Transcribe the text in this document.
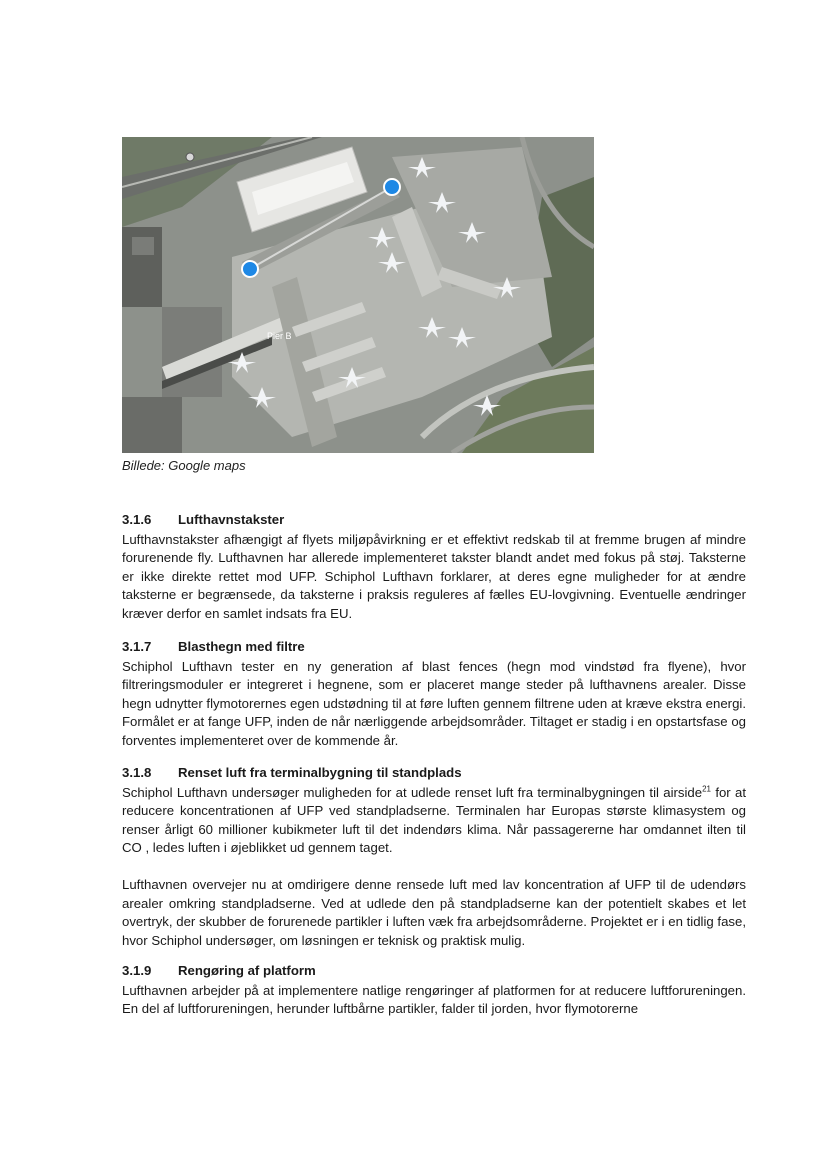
Pier B
Billede: Google maps
3.1.6 Lufthavnstakster

Lufthavnstakster afhængigt af flyets miljøpåvirkning er et effektivt redskab til at fremme brugen af mindre forurenende fly. Lufthavnen har allerede implementeret takster blandt andet med fokus på støj. Taksterne er ikke direkte rettet mod UFP. Schiphol Lufthavn forklarer, at deres egne muligheder for at ændre taksterne er begrænsede, da taksterne i praksis reguleres af fælles EU-lovgivning. Eventuelle ændringer kræver derfor en samlet indsats fra EU.

3.1.7 Blasthegn med filtre

Schiphol Lufthavn tester en ny generation af blast fences (hegn mod vindstød fra flyene), hvor filtreringsmoduler er integreret i hegnene, som er placeret mange steder på lufthavnens arealer. Disse hegn udnytter flymotorernes egen udstødning til at føre luften gennem filtrene uden at kræve ekstra energi. Formålet er at fange UFP, inden de når nærliggende arbejdsområder. Tiltaget er stadig i en opstartsfase og forventes implementeret over de kommende år.

3.1.8 Renset luft fra terminalbygning til standplads

Schiphol Lufthavn undersøger muligheden for at udlede renset luft fra terminalbygningen til airside$^{21}$ for at reducere koncentrationen af UFP ved standpladserne. Terminalen har Europas største klimasystem og renser årligt 60 millioner kubikmeter luft til det indendørs klima. Når passagererne har omdannet ilten til CO , ledes luften i øjeblikket ud gennem taget.

Lufthavnen overvejer nu at omdirigere denne rensede luft med lav koncentration af UFP til de udendørs arealer omkring standpladserne. Ved at udlede den på standpladserne kan der potentielt skabes et let overtryk, der skubber de forurenede partikler i luften væk fra arbejdsområderne. Projektet er i en tidlig fase, hvor Schiphol undersøger, om løsningen er teknisk og praktisk mulig.

3.1.9 Rengøring af platform

Lufthavnen arbejder på at implementere natlige rengøringer af platformen for at reducere luftforureningen. En del af luftforureningen, herunder luftbårne partikler, falder til jorden, hvor flymotorerne
